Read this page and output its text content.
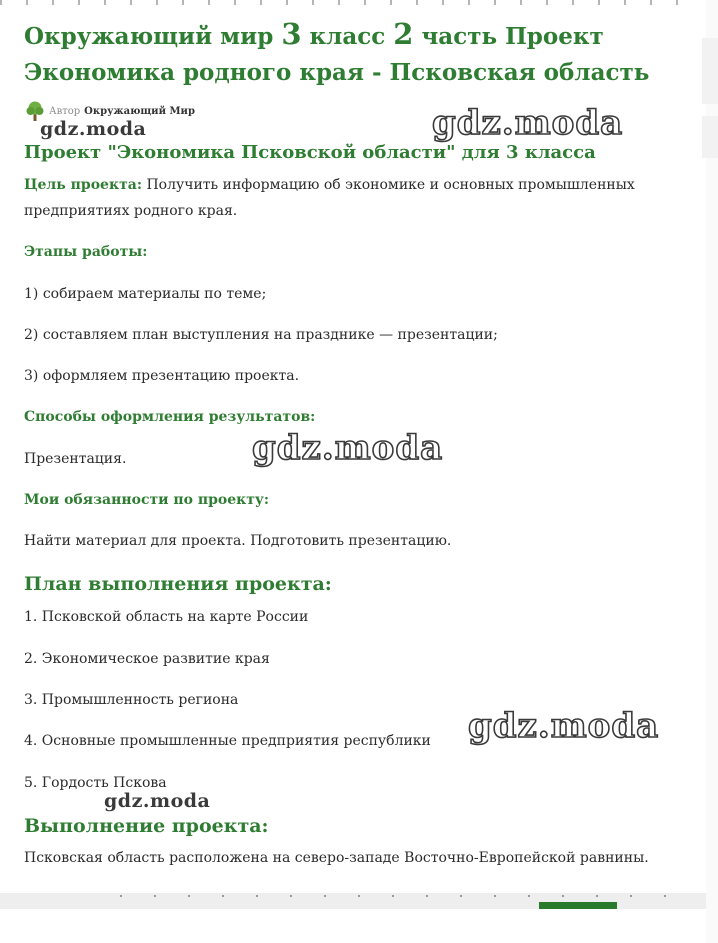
Окружающий мир 3 класс 2 часть Проект Экономика родного края - Псковская область
Автор Окружающий Мир
gdz.moda	gdz.moda
gdz.moda
gdz.moda
gdz.moda
Проект "Экономика Псковской области" для 3 класса

Цель проекта: Получить информацию об экономике и основных промышленных предприятиях родного края.

Этапы работы:

1) собираем материалы по теме;

2) составляем план выступления на празднике — презентации;

3) оформляем презентацию проекта.

Способы оформления результатов:

Презентация.

Мои обязанности по проекту:

Найти материал для проекта. Подготовить презентацию.

План выполнения проекта:

1. Псковской область на карте России

2. Экономическое развитие края

3. Промышленность региона

4. Основные промышленные предприятия республики

5. Гордость Пскова

Выполнение проекта:

Псковская область расположена на северо-западе Восточно-Европейской равнины.
